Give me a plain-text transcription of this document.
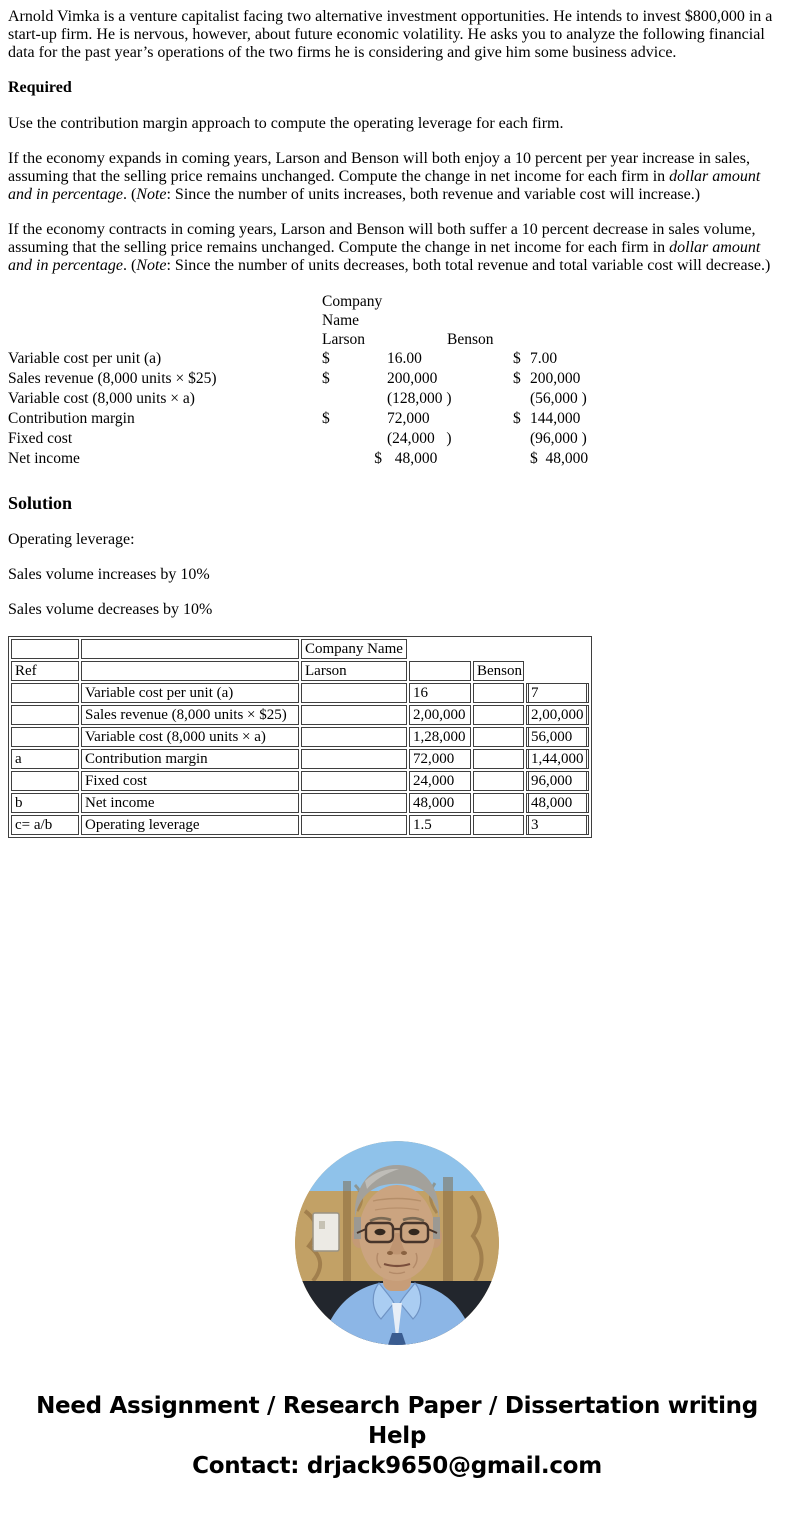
Arnold Vimka is a venture capitalist facing two alternative investment opportunities. He intends to invest $800,000 in a start-up firm. He is nervous, however, about future economic volatility. He asks you to analyze the following financial data for the past year’s operations of the two firms he is considering and give him some business advice.

Required

Use the contribution margin approach to compute the operating leverage for each firm.

If the economy expands in coming years, Larson and Benson will both enjoy a 10 percent per year increase in sales, assuming that the selling price remains unchanged. Compute the change in net income for each firm in dollar amount and in percentage. (Note: Since the number of units increases, both revenue and variable cost will increase.)

If the economy contracts in coming years, Larson and Benson will both suffer a 10 percent decrease in sales volume, assuming that the selling price remains unchanged. Compute the change in net income for each firm in dollar amount and in percentage. (Note: Since the number of units decreases, both total revenue and total variable cost will decrease.)

Company
Name
Larson	Benson
Variable cost per unit (a)	$	16.00	$ 7.00
Sales revenue (8,000 units × $25)	$	200,000	$ 200,000
Variable cost (8,000 units × a)	(128,000 )	(56,000 )
Contribution margin	$	72,000	$ 144,000
Fixed cost	(24,000   )	(96,000 )
Net income	$ 48,000	$  48,000

Solution

Operating leverage:

Sales volume increases by 10%

Sales volume decreases by 10%

		Company Name			
Ref		Larson		Benson	
	Variable cost per unit (a)		16		7

	Sales revenue (8,000 units × $25)		2,00,000		2,00,000

	Variable cost (8,000 units × a)		1,28,000		56,000

a	Contribution margin		72,000		1,44,000

	Fixed cost		24,000		96,000

b	Net income		48,000		48,000

c= a/b	Operating leverage		1.5		3
Need Assignment / Research Paper / Dissertation writing Help
Contact: drjack9650@gmail.com
